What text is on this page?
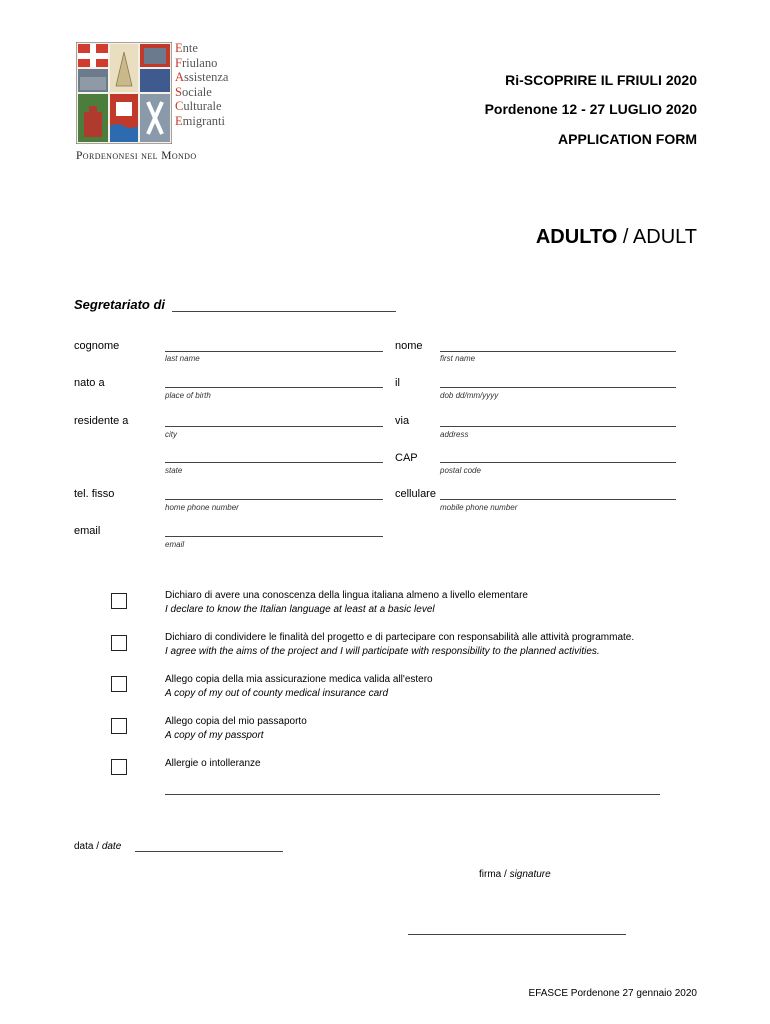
Ente
Friulano
Assistenza
Sociale
Culturale
Emigranti
Pordenonesi nel Mondo
Ri-SCOPRIRE IL FRIULI 2020
Pordenone 12 - 27 LUGLIO 2020
APPLICATION FORM
ADULTO / ADULT
Segretariato di
cognome
last name
nome
first name
nato a
place of birth
il
dob dd/mm/yyyy
residente a
city
via
address
state
CAP
postal code
tel. fisso
home phone number
cellulare
mobile phone number
email
email
Dichiaro di avere una conoscenza della lingua italiana almeno a livello elementare
I declare to know the Italian language at least at a basic level
Dichiaro di condividere le finalità del progetto e di partecipare con responsabilità alle attività programmate.
I agree with the aims of the project and I will participate with responsibility to the planned activities.
Allego copia della mia assicurazione medica valida all'estero
A copy of my out of county medical insurance card
Allego copia del mio passaporto
A copy of my passport
Allergie o intolleranze
data / date
firma / signature
EFASCE Pordenone 27 gennaio 2020
